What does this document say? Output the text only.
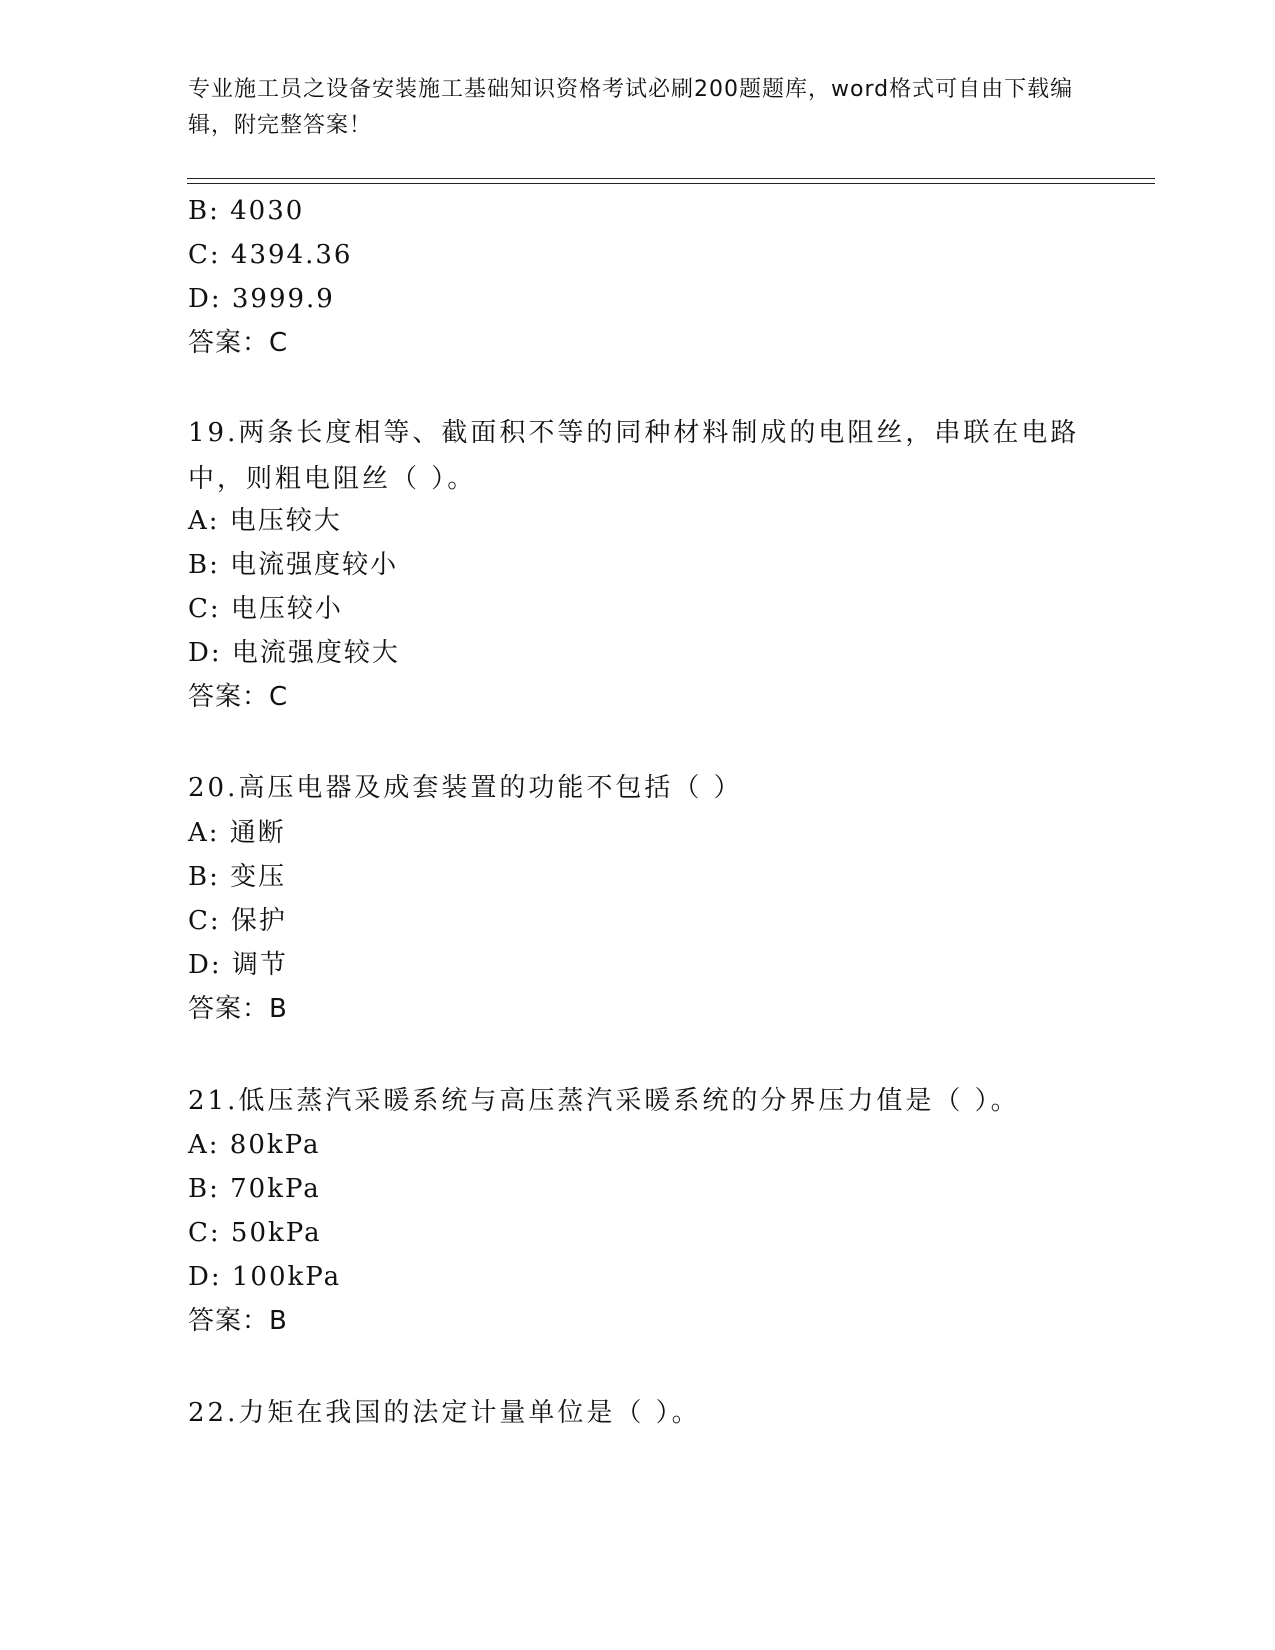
专业施工员之设备安装施工基础知识资格考试必刷200题题库，word格式可自由下载编辑，附完整答案！
B: 4030
C: 4394.36
D: 3999.9
答案：C
19.两条长度相等、截面积不等的同种材料制成的电阻丝，串联在电路中，则粗电阻丝（ ）。
A: 电压较大
B: 电流强度较小
C: 电压较小
D: 电流强度较大
答案：C
20.高压电器及成套装置的功能不包括（ ）
A: 通断
B: 变压
C: 保护
D: 调节
答案：B
21.低压蒸汽采暖系统与高压蒸汽采暖系统的分界压力值是（ ）。
A: 80kPa
B: 70kPa
C: 50kPa
D: 100kPa
答案：B
22.力矩在我国的法定计量单位是（ ）。
